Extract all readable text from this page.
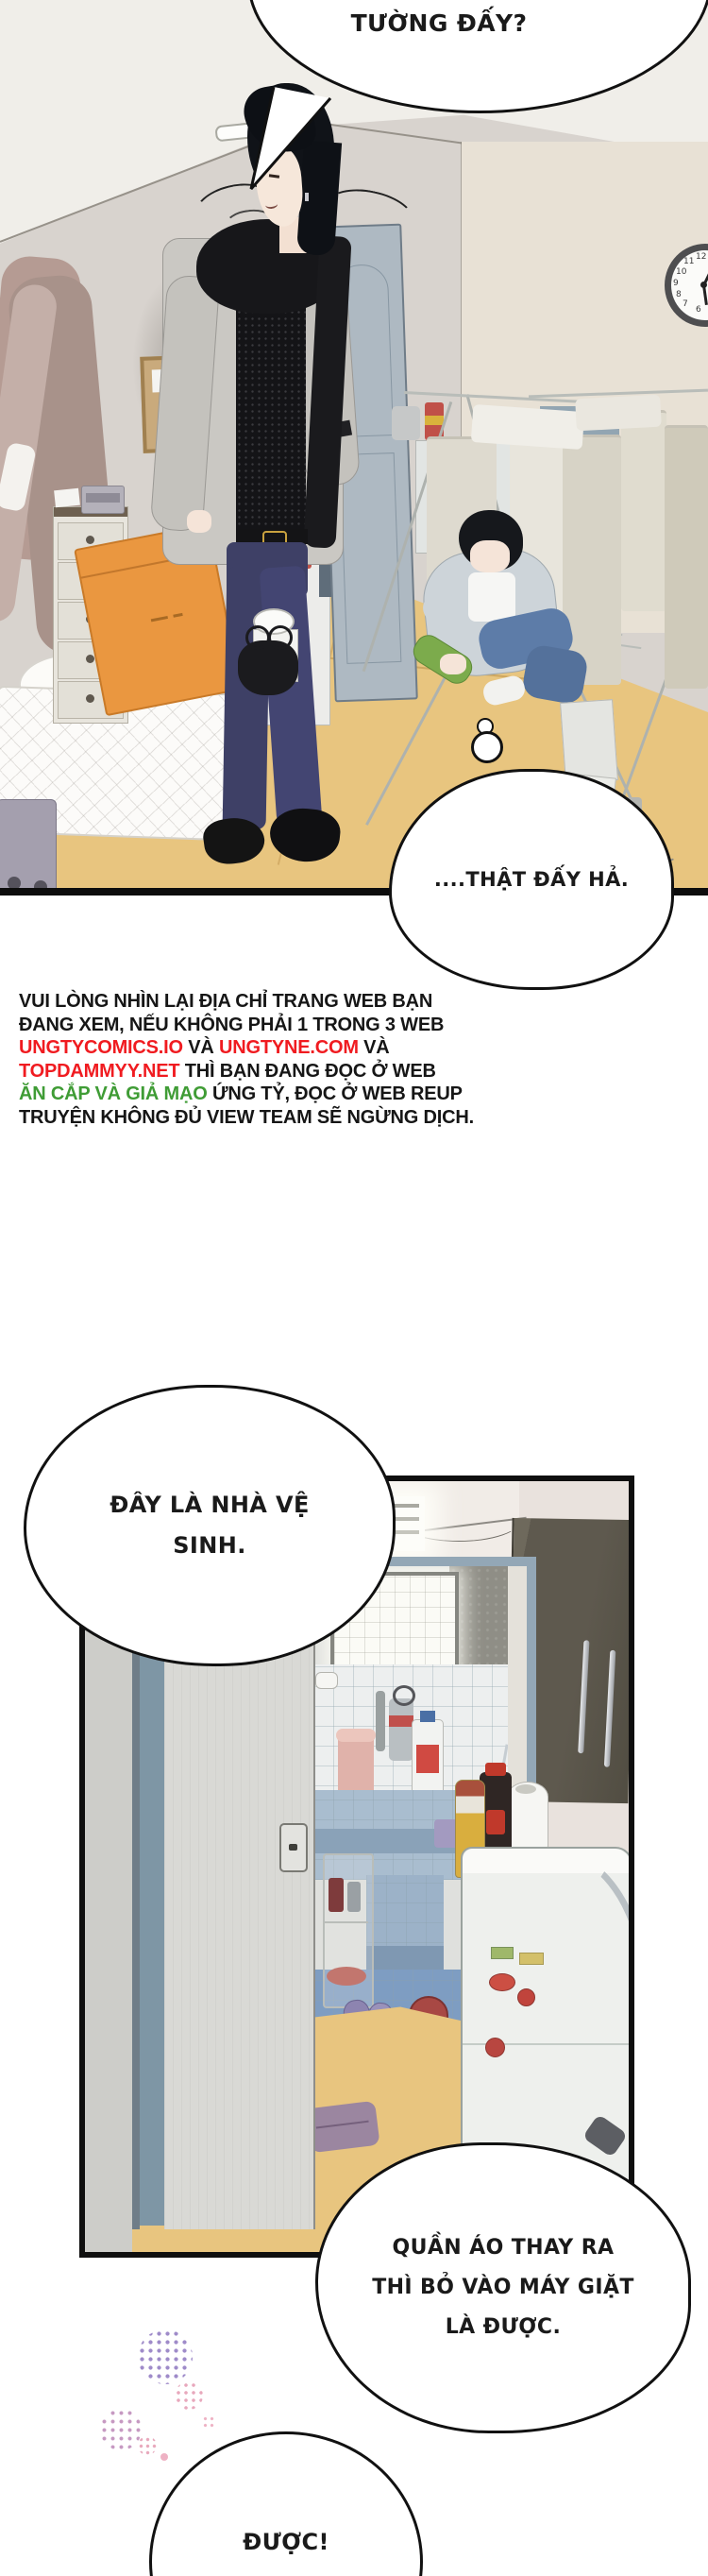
12
11
10
9
8
7
6
TƯỜNG ĐẤY?
....THẬT ĐẤY HẢ.
VUI LÒNG NHÌN LẠI ĐỊA CHỈ TRANG WEB BẠN
ĐANG XEM, NẾU KHÔNG PHẢI 1 TRONG 3 WEB
UNGTYCOMICS.IO VÀ UNGTYNE.COM VÀ
TOPDAMMYY.NET THÌ BẠN ĐANG ĐỌC Ở WEB
ĂN CẮP VÀ GIẢ MẠO ỨNG TỶ, ĐỌC Ở WEB REUP
TRUYỆN KHÔNG ĐỦ VIEW TEAM SẼ NGỪNG DỊCH.
ĐÂY LÀ NHÀ VỆ
SINH.
QUẦN ÁO THAY RA
THÌ BỎ VÀO MÁY GIẶT
LÀ ĐƯỢC.
ĐƯỢC!
